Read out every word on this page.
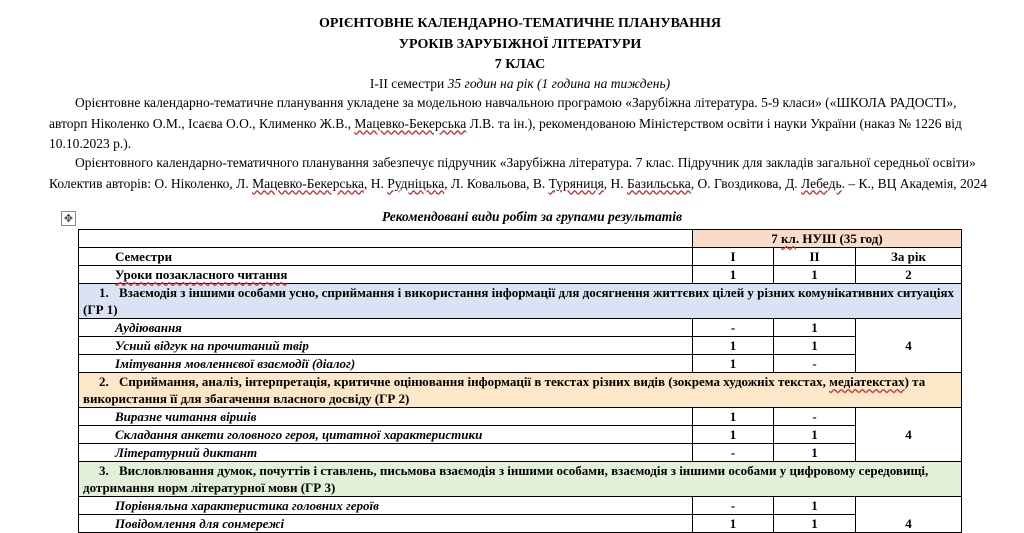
ОРІЄНТОВНЕ КАЛЕНДАРНО-ТЕМАТИЧНЕ ПЛАНУВАННЯ
УРОКІВ ЗАРУБІЖНОЇ ЛІТЕРАТУРИ
7 КЛАС
I-II семестри 35 годин на рік (1 година на тиждень)
Орієнтовне календарно-тематичне планування укладене за модельною навчальною програмою «Зарубіжна література. 5-9 класи» («ШКОЛА РАДОСТІ», авторп Ніколенко О.М., Ісаєва О.О., Клименко Ж.В., Мацевко-Бекерська Л.В. та ін.), рекомендованою Міністерством освіти і науки України (наказ № 1226 від 10.10.2023 р.).
Орієнтовного календарно-тематичного планування забезпечує підручник «Зарубіжна література. 7 клас. Підручник для закладів загальної середньої освіти» Колектив авторів: О. Ніколенко, Л. Мацевко-Бекерська, Н. Рудніцька, Л. Ковальова, В. Туряниця, Н. Базильська, О. Гвоздикова, Д. Лебедь. – К., ВЦ Академія, 2024
✥	Рекомендовані види робіт за групами результатів
	7 кл. НУШ (35 год)		
Семестри	I	II	За рік
Уроки позакласного читання	1	1	2
1. Взаємодія з іншими особами усно, сприймання і використання інформації для досягнення життєвих цілей у різних комунікативних ситуаціях (ГР 1)			
Аудіювання	-	1	4
Усний відгук на прочитаний твір	1	1	
Імітування мовленнєвої взаємодії (діалог)	1	-	
2. Сприймання, аналіз, інтерпретація, критичне оцінювання інформації в текстах різних видів (зокрема художніх текстах, медіатекстах) та використання її для збагачення власного досвіду (ГР 2)			
Виразне читання віршів	1	-	4
Складання анкети головного героя, цитатної характеристики	1	1	
Літературний диктант	-	1	
3. Висловлювання думок, почуттів і ставлень, письмова взаємодія з іншими особами, взаємодія з іншими особами у цифровому середовищі, дотримання норм літературної мови (ГР 3)			
Порівняльна характеристика головних героїв	-	1	4
Повідомлення для сонмережі	1	1	
